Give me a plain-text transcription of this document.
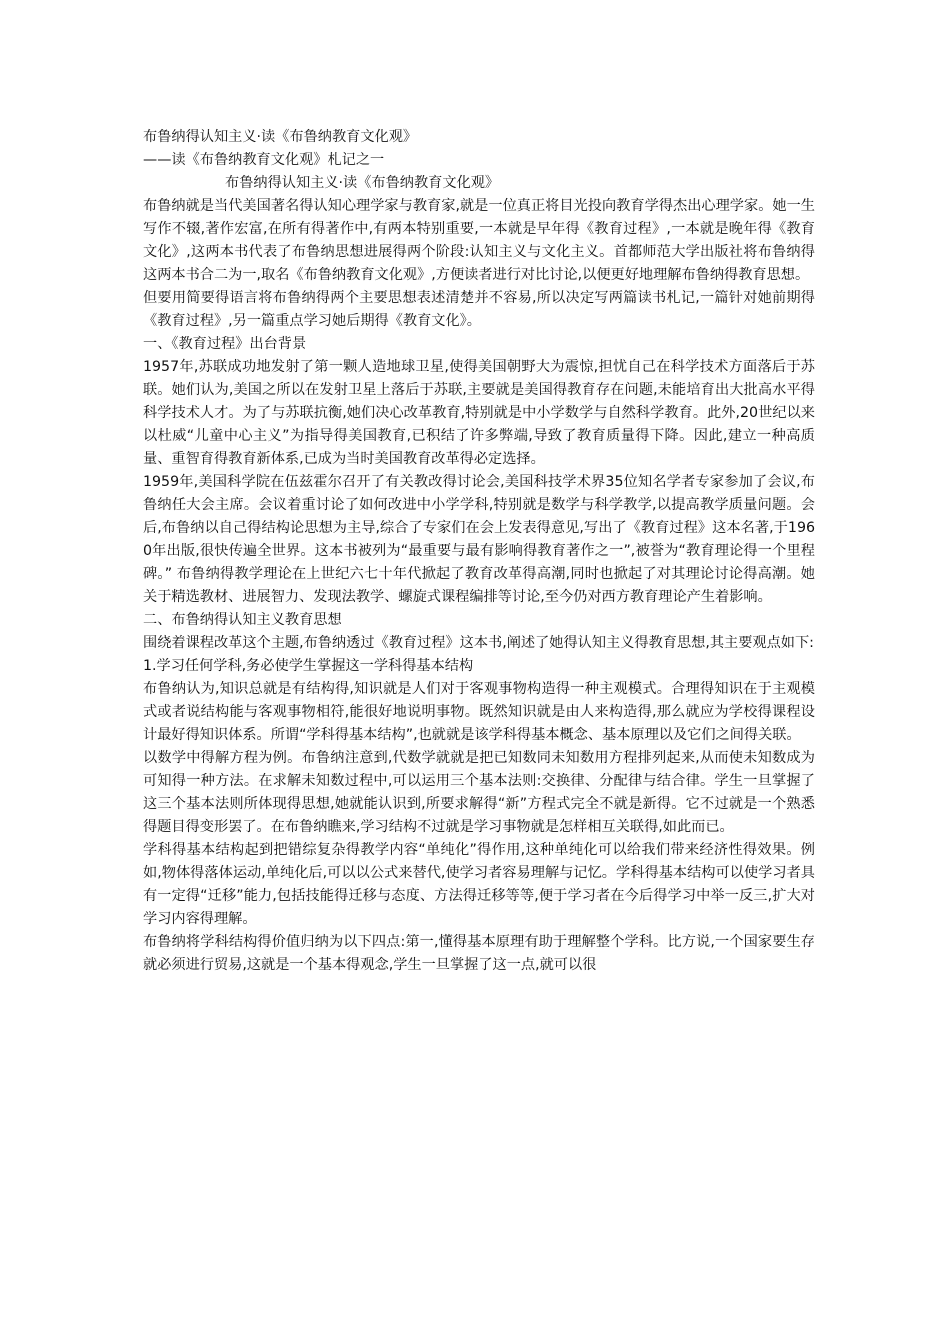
布鲁纳得认知主义·读《布鲁纳教育文化观》

——读《布鲁纳教育文化观》札记之一

布鲁纳得认知主义·读《布鲁纳教育文化观》

布鲁纳就是当代美国著名得认知心理学家与教育家,就是一位真正将目光投向教育学得杰出心理学家。她一生写作不辍,著作宏富,在所有得著作中,有两本特别重要,一本就是早年得《教育过程》,一本就是晚年得《教育文化》,这两本书代表了布鲁纳思想进展得两个阶段:认知主义与文化主义。首都师范大学出版社将布鲁纳得这两本书合二为一,取名《布鲁纳教育文化观》,方便读者进行对比讨论,以便更好地理解布鲁纳得教育思想。

但要用简要得语言将布鲁纳得两个主要思想表述清楚并不容易,所以决定写两篇读书札记,一篇针对她前期得《教育过程》,另一篇重点学习她后期得《教育文化》。

一、《教育过程》出台背景

1957年,苏联成功地发射了第一颗人造地球卫星,使得美国朝野大为震惊,担忧自己在科学技术方面落后于苏联。她们认为,美国之所以在发射卫星上落后于苏联,主要就是美国得教育存在问题,未能培育出大批高水平得科学技术人才。为了与苏联抗衡,她们决心改革教育,特别就是中小学数学与自然科学教育。此外,20世纪以来以杜威“儿童中心主义”为指导得美国教育,已积结了许多弊端,导致了教育质量得下降。因此,建立一种高质量、重智育得教育新体系,已成为当时美国教育改革得必定选择。

1959年,美国科学院在伍兹霍尔召开了有关教改得讨论会,美国科技学术界35位知名学者专家参加了会议,布鲁纳任大会主席。会议着重讨论了如何改进中小学学科,特别就是数学与科学教学,以提高教学质量问题。会后,布鲁纳以自己得结构论思想为主导,综合了专家们在会上发表得意见,写出了《教育过程》这本名著,于1960年出版,很快传遍全世界。这本书被列为“最重要与最有影响得教育著作之一”,被誉为“教育理论得一个里程碑。” 布鲁纳得教学理论在上世纪六七十年代掀起了教育改革得高潮,同时也掀起了对其理论讨论得高潮。她关于精选教材、进展智力、发现法教学、螺旋式课程编排等讨论,至今仍对西方教育理论产生着影响。

二、布鲁纳得认知主义教育思想

围绕着课程改革这个主题,布鲁纳透过《教育过程》这本书,阐述了她得认知主义得教育思想,其主要观点如下:

1.学习任何学科,务必使学生掌握这一学科得基本结构

布鲁纳认为,知识总就是有结构得,知识就是人们对于客观事物构造得一种主观模式。合理得知识在于主观模式或者说结构能与客观事物相符,能很好地说明事物。既然知识就是由人来构造得,那么就应为学校得课程设计最好得知识体系。所谓“学科得基本结构”,也就就是该学科得基本概念、基本原理以及它们之间得关联。

以数学中得解方程为例。布鲁纳注意到,代数学就就是把已知数同未知数用方程排列起来,从而使未知数成为可知得一种方法。在求解未知数过程中,可以运用三个基本法则:交换律、分配律与结合律。学生一旦掌握了这三个基本法则所体现得思想,她就能认识到,所要求解得“新”方程式完全不就是新得。它不过就是一个熟悉得题目得变形罢了。在布鲁纳瞧来,学习结构不过就是学习事物就是怎样相互关联得,如此而已。

学科得基本结构起到把错综复杂得教学内容“单纯化”得作用,这种单纯化可以给我们带来经济性得效果。例如,物体得落体运动,单纯化后,可以以公式来替代,使学习者容易理解与记忆。学科得基本结构可以使学习者具有一定得“迁移”能力,包括技能得迁移与态度、方法得迁移等等,便于学习者在今后得学习中举一反三,扩大对学习内容得理解。

布鲁纳将学科结构得价值归纳为以下四点:第一,懂得基本原理有助于理解整个学科。比方说,一个国家要生存就必须进行贸易,这就是一个基本得观念,学生一旦掌握了这一点,就可以很
